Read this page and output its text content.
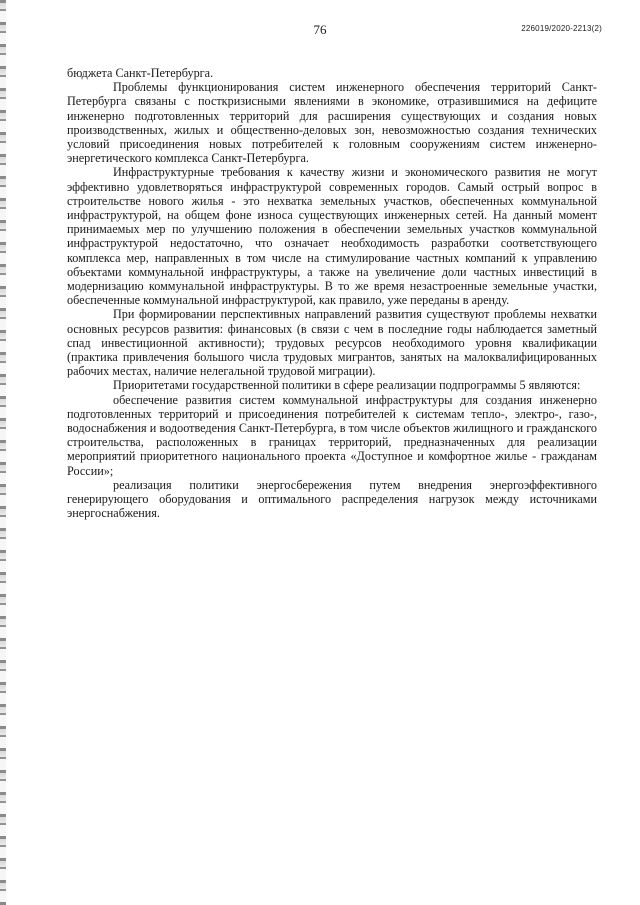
76	226019/2020-2213(2)

бюджета Санкт-Петербурга.

Проблемы функционирования систем инженерного обеспечения территорий Санкт-Петербурга связаны с посткризисными явлениями в экономике, отразившимися на дефиците инженерно подготовленных территорий для расширения существующих и создания новых производственных, жилых и общественно-деловых зон, невозможностью создания технических условий присоединения новых потребителей к головным сооружениям систем инженерно-энергетического комплекса Санкт-Петербурга.

Инфраструктурные требования к качеству жизни и экономического развития не могут эффективно удовлетворяться инфраструктурой современных городов. Самый острый вопрос в строительстве нового жилья - это нехватка земельных участков, обеспеченных коммунальной инфраструктурой, на общем фоне износа существующих инженерных сетей. На данный момент принимаемых мер по улучшению положения в обеспечении земельных участков коммунальной инфраструктурой недостаточно, что означает необходимость разработки соответствующего комплекса мер, направленных в том числе на стимулирование частных компаний к управлению объектами коммунальной инфраструктуры, а также на увеличение доли частных инвестиций в модернизацию коммунальной инфраструктуры. В то же время незастроенные земельные участки, обеспеченные коммунальной инфраструктурой, как правило, уже переданы в аренду.

При формировании перспективных направлений развития существуют проблемы нехватки основных ресурсов развития: финансовых (в связи с чем в последние годы наблюдается заметный спад инвестиционной активности); трудовых ресурсов необходимого уровня квалификации (практика привлечения большого числа трудовых мигрантов, занятых на малоквалифицированных рабочих местах, наличие нелегальной трудовой миграции).

Приоритетами государственной политики в сфере реализации подпрограммы 5 являются:

обеспечение развития систем коммунальной инфраструктуры для создания инженерно подготовленных территорий и присоединения потребителей к системам тепло-, электро-, газо-, водоснабжения и водоотведения Санкт-Петербурга, в том числе объектов жилищного и гражданского строительства, расположенных в границах территорий, предназначенных для реализации мероприятий приоритетного национального проекта «Доступное и комфортное жилье - гражданам России»;

реализация политики энергосбережения путем внедрения энергоэффективного генерирующего оборудования и оптимального распределения нагрузок между источниками энергоснабжения.
